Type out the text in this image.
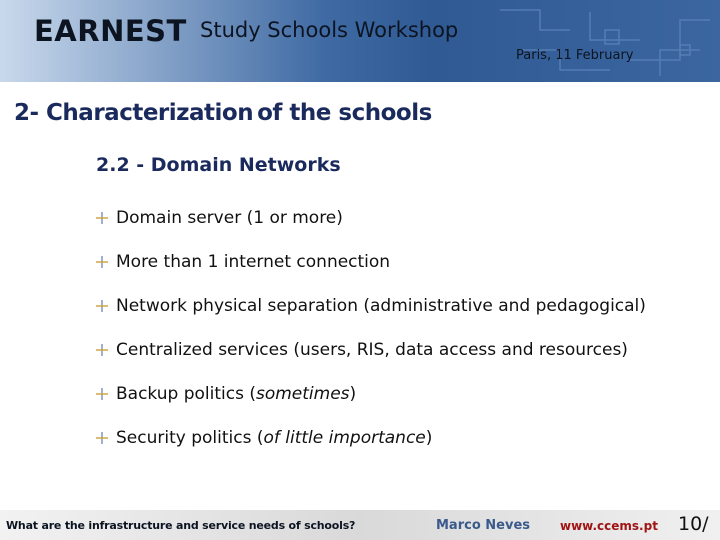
EARNEST Study Schools Workshop
Paris, 11 February
2- Characterization of the schools
2.2 - Domain Networks
Domain server (1 or more)
More than 1 internet connection
Network physical separation (administrative and pedagogical)
Centralized services (users, RIS, data access and resources)
Backup politics (sometimes)
Security politics (of little importance)
What are the infrastructure and service needs of schools?	Marco Neves www.ccems.pt 10/
